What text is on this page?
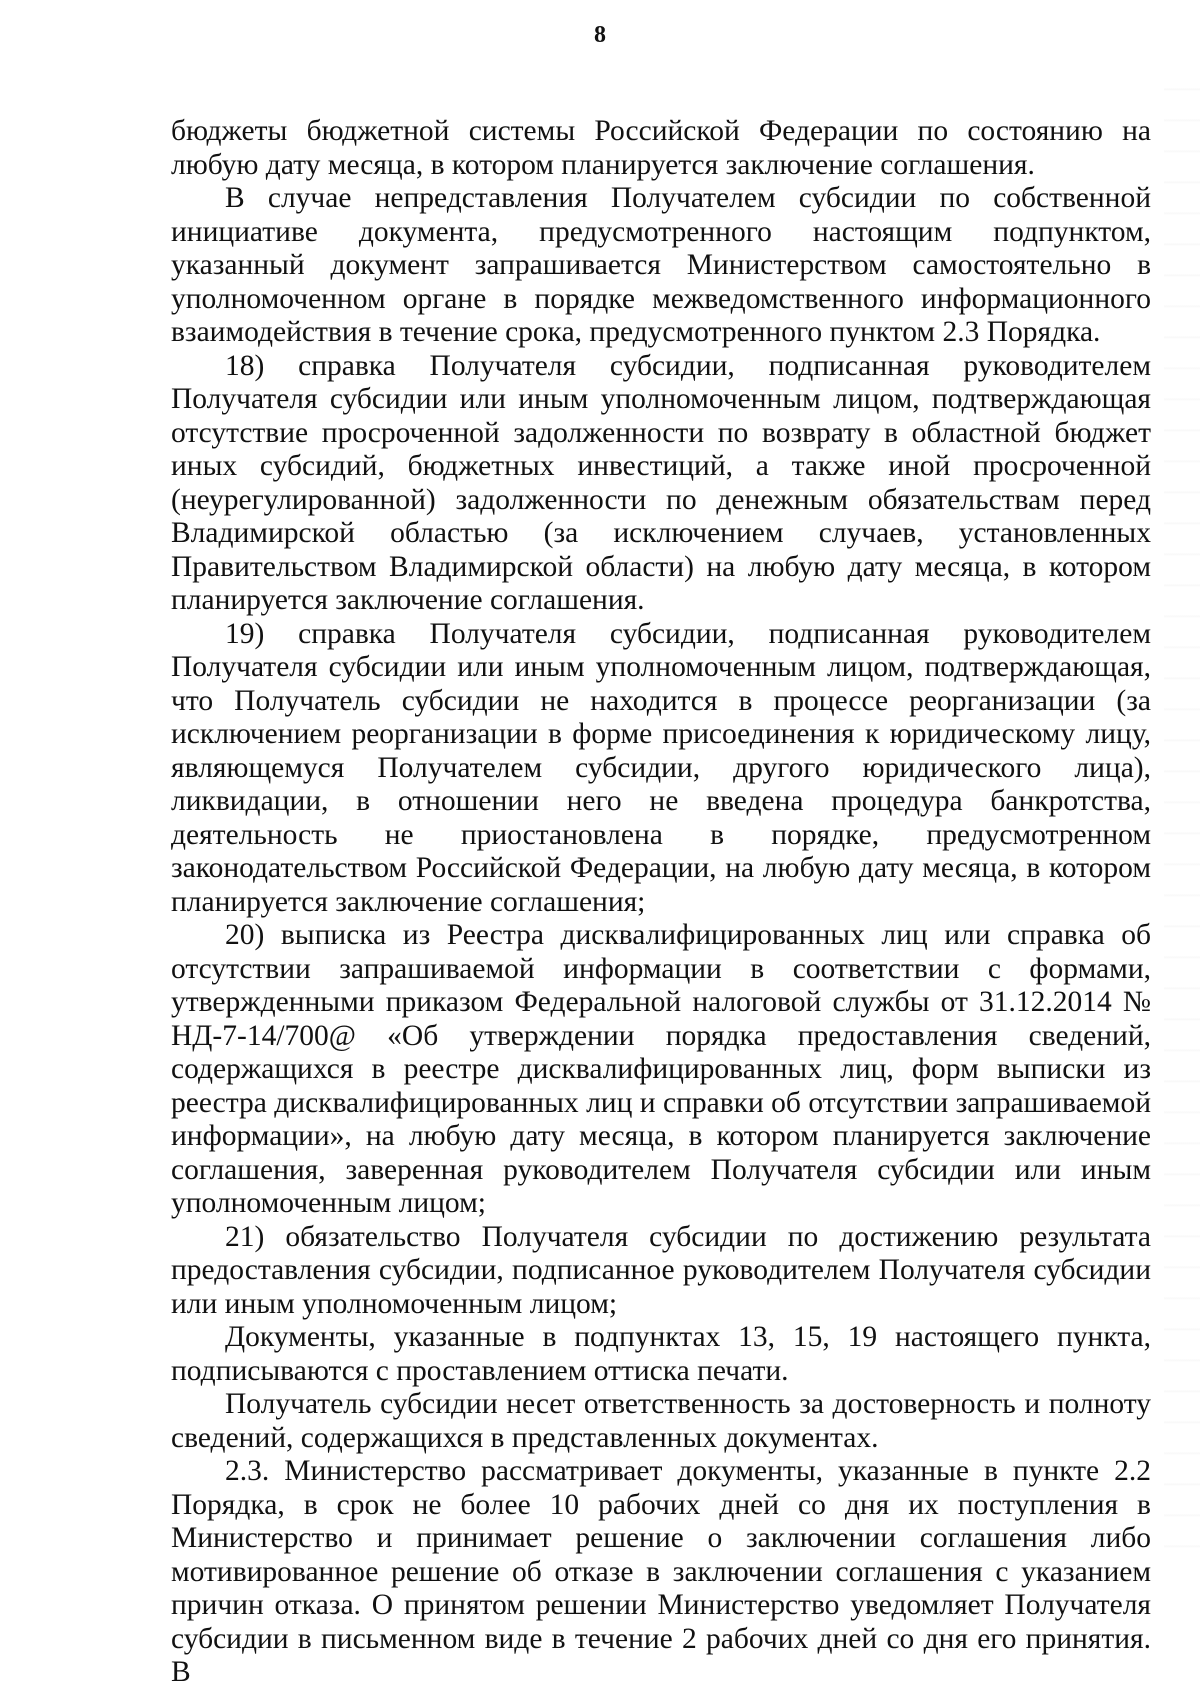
8

бюджеты бюджетной системы Российской Федерации по состоянию на любую дату месяца, в котором планируется заключение соглашения.

В случае непредставления Получателем субсидии по собственной инициативе документа, предусмотренного настоящим подпунктом, указанный документ запрашивается Министерством самостоятельно в уполномоченном органе в порядке межведомственного информационного взаимодействия в течение срока, предусмотренного пунктом 2.3 Порядка.

18) справка Получателя субсидии, подписанная руководителем Получателя субсидии или иным уполномоченным лицом, подтверждающая отсутствие просроченной задолженности по возврату в областной бюджет иных субсидий, бюджетных инвестиций, а также иной просроченной (неурегулированной) задолженности по денежным обязательствам перед Владимирской областью (за исключением случаев, установленных Правительством Владимирской области) на любую дату месяца, в котором планируется заключение соглашения.

19) справка Получателя субсидии, подписанная руководителем Получателя субсидии или иным уполномоченным лицом, подтверждающая, что Получатель субсидии не находится в процессе реорганизации (за исключением реорганизации в форме присоединения к юридическому лицу, являющемуся Получателем субсидии, другого юридического лица), ликвидации, в отношении него не введена процедура банкротства, деятельность не приостановлена в порядке, предусмотренном законодательством Российской Федерации, на любую дату месяца, в котором планируется заключение соглашения;

20) выписка из Реестра дисквалифицированных лиц или справка об отсутствии запрашиваемой информации в соответствии с формами, утвержденными приказом Федеральной налоговой службы от 31.12.2014 № НД-7-14/700@ «Об утверждении порядка предоставления сведений, содержащихся в реестре дисквалифицированных лиц, форм выписки из реестра дисквалифицированных лиц и справки об отсутствии запрашиваемой информации», на любую дату месяца, в котором планируется заключение соглашения, заверенная руководителем Получателя субсидии или иным уполномоченным лицом;

21) обязательство Получателя субсидии по достижению результата предоставления субсидии, подписанное руководителем Получателя субсидии или иным уполномоченным лицом;

Документы, указанные в подпунктах 13, 15, 19 настоящего пункта, подписываются с проставлением оттиска печати.

Получатель субсидии несет ответственность за достоверность и полноту сведений, содержащихся в представленных документах.

2.3. Министерство рассматривает документы, указанные в пункте 2.2 Порядка, в срок не более 10 рабочих дней со дня их поступления в Министерство и принимает решение о заключении соглашения либо мотивированное решение об отказе в заключении соглашения с указанием причин отказа. О принятом решении Министерство уведомляет Получателя субсидии в письменном виде в течение 2 рабочих дней со дня его принятия. В
